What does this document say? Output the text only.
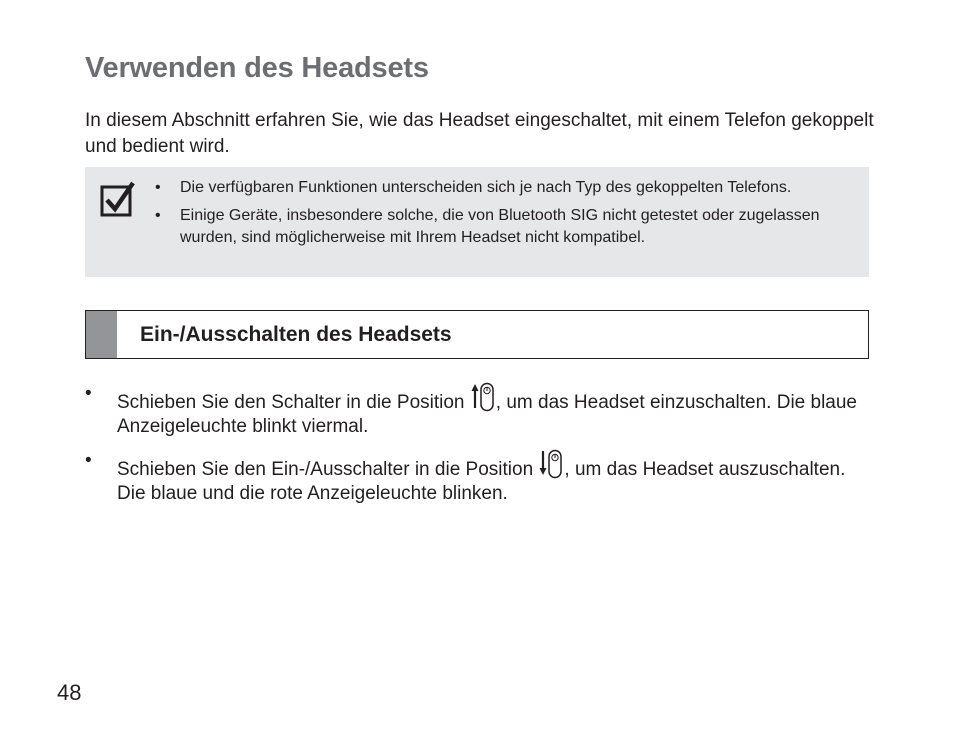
Verwenden des Headsets

In diesem Abschnitt erfahren Sie, wie das Headset eingeschaltet, mit einem Telefon gekoppelt und bedient wird.

• Die verfügbaren Funktionen unterscheiden sich je nach Typ des gekoppelten Telefons.
• Einige Geräte, insbesondere solche, die von Bluetooth SIG nicht getestet oder zugelassen wurden, sind möglicherweise mit Ihrem Headset nicht kompatibel.
Ein-/Ausschalten des Headsets
• Schieben Sie den Schalter in die Position , um das Headset einzuschalten. Die blaue Anzeigeleuchte blinkt viermal.
• Schieben Sie den Ein-/Ausschalter in die Position , um das Headset auszuschalten. Die blaue und die rote Anzeigeleuchte blinken.

48
